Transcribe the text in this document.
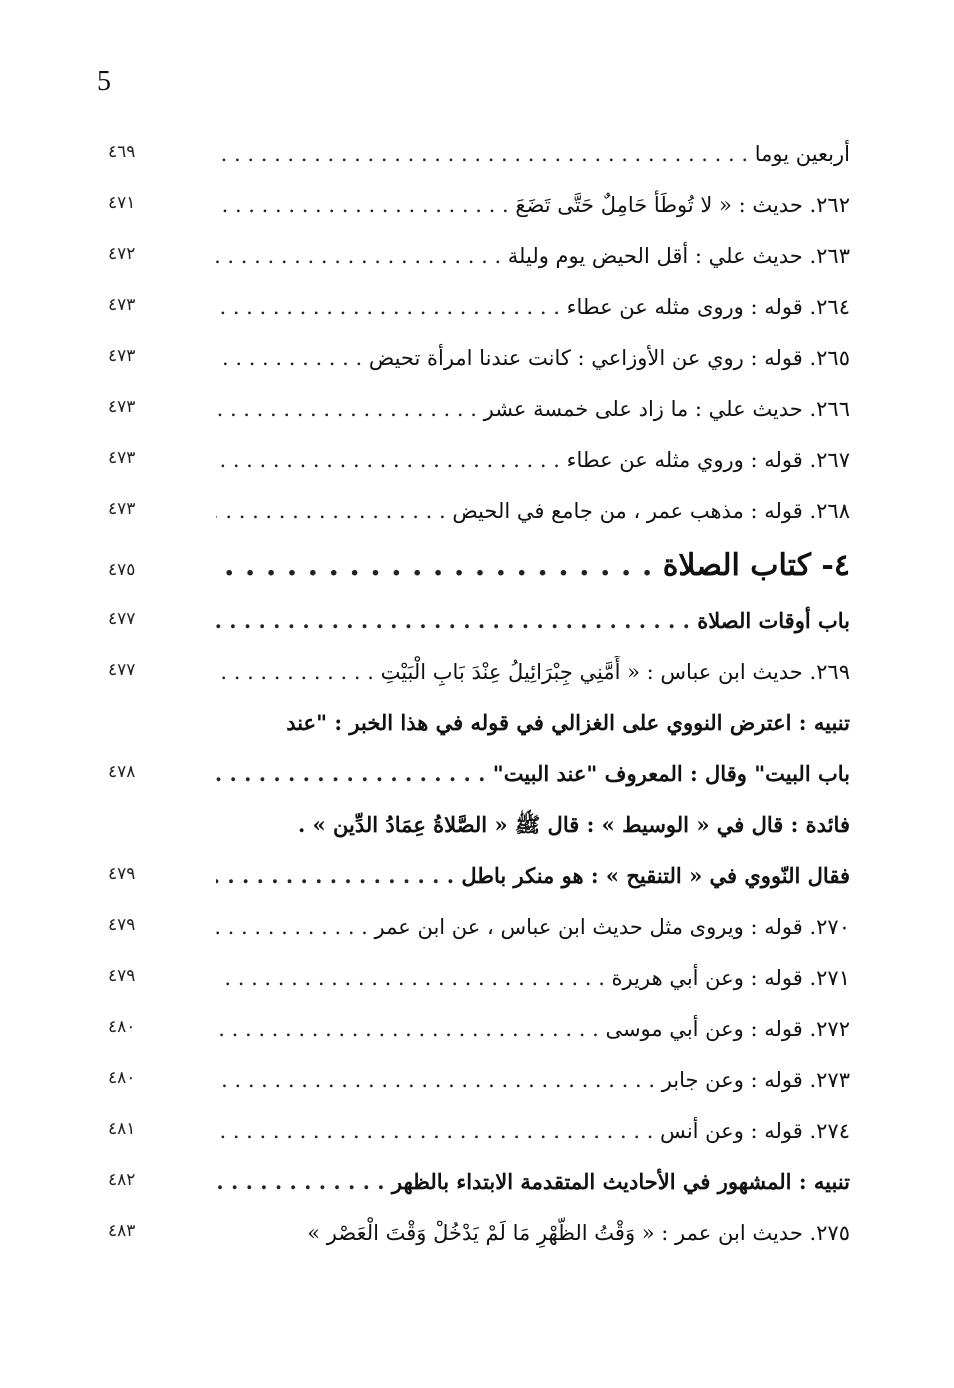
5
أربعين يوما . . .
٤٦٩
٢٦٢. حديث : « لا تُوطَأُ حَامِلٌ حَتَّى تَضَعَ . . .
٤٧١
٢٦٣. حديث علي : أقل الحيض يوم وليلة . . .
٤٧٢
٢٦٤. قوله : وروى مثله عن عطاء . . .
٤٧٣
٢٦٥. قوله : روي عن الأوزاعي : كانت عندنا امرأة تحيض . . .
٤٧٣
٢٦٦. حديث علي : ما زاد على خمسة عشر . . .
٤٧٣
٢٦٧. قوله : وروي مثله عن عطاء . . .
٤٧٣
٢٦٨. قوله : مذهب عمر ، من جامع في الحيض . . .
٤٧٣
٤- كتاب الصلاة . . .
٤٧٥
باب أوقات الصلاة . . .
٤٧٧
٢٦٩. حديث ابن عباس : « أَمَّنِي جِبْرَائِيلُ عِنْدَ بَابِ الْبَيْتِ . . .
٤٧٧
تنبيه : اعترض النووي على الغزالي في قوله في هذا الخبر : "عند
باب البيت" وقال : المعروف "عند البيت" . . .
٤٧٨
فائدة : قال في « الوسيط » : قال ﷺ « الصَّلاةُ عِمَادُ الدِّين » .
فقال النّووي في « التنقيح » : هو منكر باطل . . .
٤٧٩
٢٧٠. قوله : ويروى مثل حديث ابن عباس ، عن ابن عمر . . .
٤٧٩
٢٧١. قوله : وعن أبي هريرة . . .
٤٧٩
٢٧٢. قوله : وعن أبي موسى . . .
٤٨٠
٢٧٣. قوله : وعن جابر . . .
٤٨٠
٢٧٤. قوله : وعن أنس . . .
٤٨١
تنبيه : المشهور في الأحاديث المتقدمة الابتداء بالظهر . . .
٤٨٢
٢٧٥. حديث ابن عمر : « وَقْتُ الظُّهْرِ مَا لَمْ يَدْخُلْ وَقْتَ الْعَصْر »
٤٨٣
